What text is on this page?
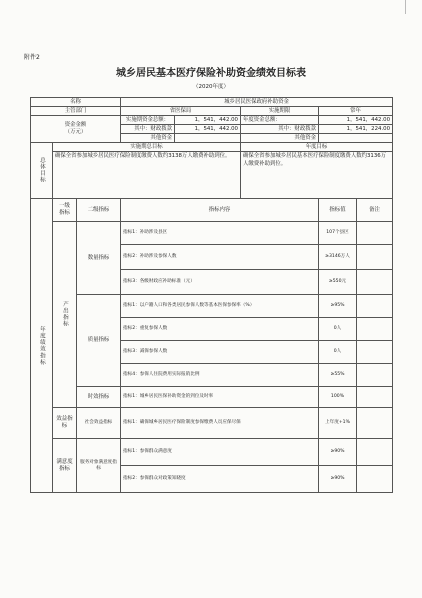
附件2
城乡居民基本医疗保险补助资金绩效目标表
（2020年度）
名称			城乡居民医保政府补助资金				
主管部门			省医保局		实施期限	常年	
资金金额
（万元）			实施期资金总额：	1，541，442.00	年度资金总额：	1，541，442.00	
			其中：财政拨款	1，541，442.00	其中：财政拨款	1，541，224.00	
			其他资金		其他资金		

总体目标	实施期总目标				年度目标		
	确保全省参加城乡居民医疗保险制度缴费人数约3138万人缴费补助到位。				确保全省参加城乡居民基本医疗保险制度缴费人数约3136万人缴费补助到位。		

年度绩效指标	一级
指标	二级指标	指标内容			指标值	备注

	产出指标	数量指标	指标1：补助涉及县区			107个县区	
			指标2：补助涉及参保人数			≥3146万人	
			指标3：各级财政应补助标准（元）			≥550元	
		质量指标	指标1：以户籍人口和各类居民参保人数等基本医保参保率（%）			≥95%	
			指标2：重复参保人数			0人	
			指标3：减保参保人数			0人	
			指标4：参保人住院费用实际报销比例			≥55%	
		时效指标	指标1：城乡居民医保补助资金的到位及时率			100%	
	效益指标	社会效益指标	指标1：确保城乡居民医疗保险制度参保缴费人员应保尽保			上年度+1%	
	满意度指标	服务对象满意度指标	指标1：参保群众满意度			≥90%	
			指标2：参保群众对政策知晓度			≥90%	
